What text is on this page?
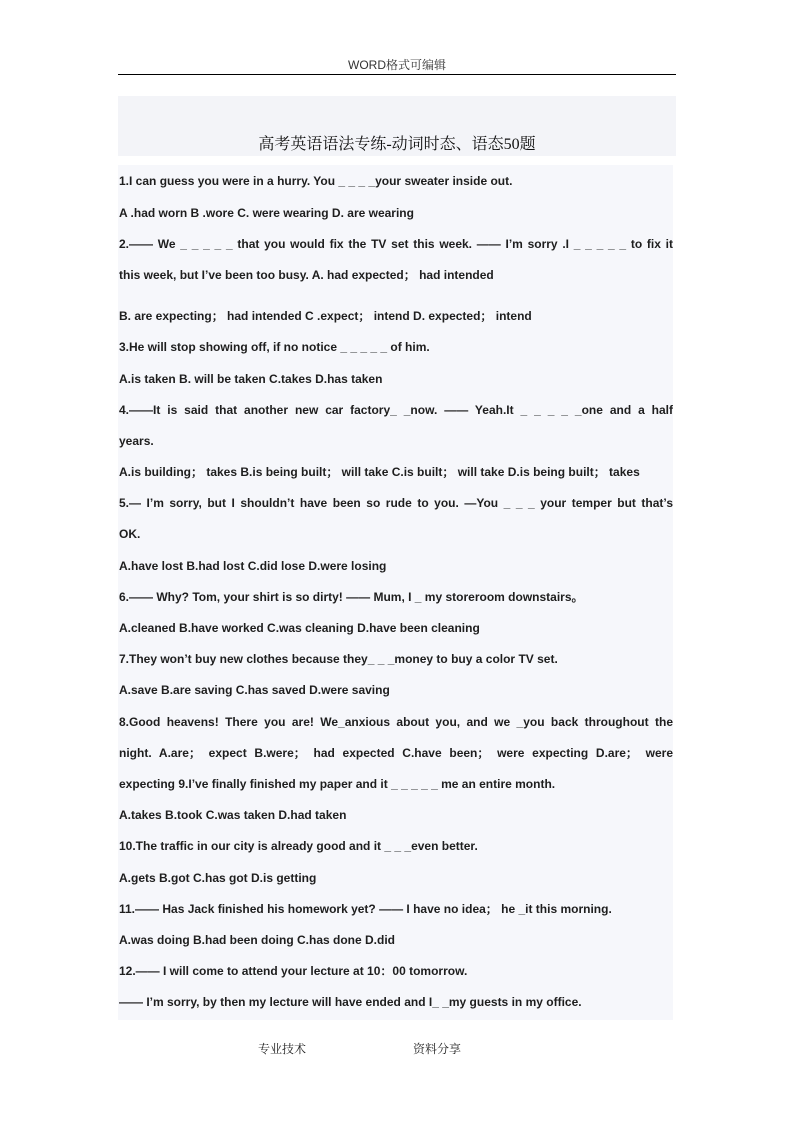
WORD格式可编辑
高考英语语法专练-动词时态、语态50题
1.I can guess you were in a hurry. You _ _ _ _your sweater inside out.
A .had worn B .wore C. were wearing D. are wearing
2.—— We _ _ _ _ _ that you would fix the TV set this week. —— I’m sorry .I _ _ _ _ _ to fix it
this week, but I’ve been too busy. A. had expected； had intended
B. are expecting； had intended C .expect； intend D. expected； intend
3.He will stop showing off, if no notice _ _ _ _ _ of him.
A.is taken B. will be taken C.takes D.has taken
4.——It is said that another new car factory_ _now. —— Yeah.It _ _ _ _ _one and a half
years.
A.is building； takes B.is being built； will take C.is built； will take D.is being built； takes
5.— I’m sorry, but I shouldn’t have been so rude to you. —You _ _ _ your temper but that’s
OK.
A.have lost B.had lost C.did lose D.were losing
6.—— Why? Tom, your shirt is so dirty! —— Mum, I _ my storeroom downstairs。
A.cleaned B.have worked C.was cleaning D.have been cleaning
7.They won’t buy new clothes because they_ _ _money to buy a color TV set.
A.save B.are saving C.has saved D.were saving
8.Good heavens! There you are! We_anxious about you, and we _you back throughout the
night. A.are； expect B.were； had expected C.have been； were expecting D.are； were
expecting 9.I’ve finally finished my paper and it _ _ _ _ _ me an entire month.
A.takes B.took C.was taken D.had taken
10.The traffic in our city is already good and it _ _ _even better.
A.gets B.got C.has got D.is getting
11.—— Has Jack finished his homework yet? —— I have no idea； he _it this morning.
A.was doing B.had been doing C.has done D.did
12.—— I will come to attend your lecture at 10：00 tomorrow.
—— I’m sorry, by then my lecture will have ended and I_ _my guests in my office.
专业技术	资料分享
